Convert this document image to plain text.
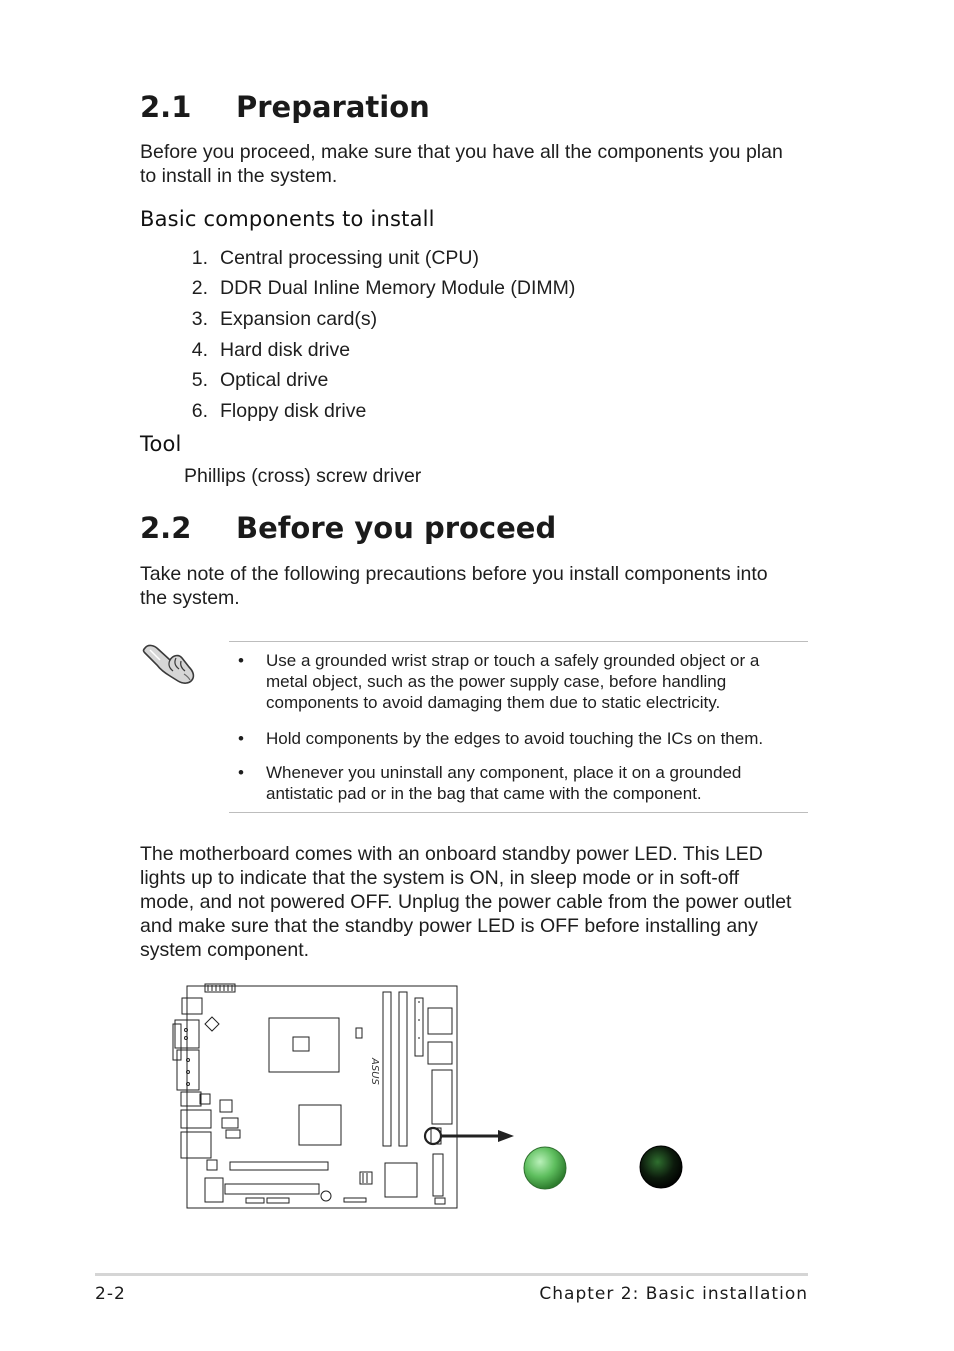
2.1 Preparation
Before you proceed, make sure that you have all the components you plan
to install in the system.
Basic components to install
1. Central processing unit (CPU)
2. DDR Dual Inline Memory Module (DIMM)
3. Expansion card(s)
4. Hard disk drive
5. Optical drive
6. Floppy disk drive
Tool
Phillips (cross) screw driver
2.2 Before you proceed
Take note of the following precautions before you install components into
the system.
• Use a grounded wrist strap or touch a safely grounded object or a
metal object, such as the power supply case, before handling
components to avoid damaging them due to static electricity.
• Hold components by the edges to avoid touching the ICs on them.
• Whenever you uninstall any component, place it on a grounded
antistatic pad or in the bag that came with the component.
The motherboard comes with an onboard standby power LED. This LED
lights up to indicate that the system is ON, in sleep mode or in soft-off
mode, and not powered OFF. Unplug the power cable from the power outlet
and make sure that the standby power LED is OFF before installing any
system component.
ASUS
2-2	Chapter 2: Basic installation
